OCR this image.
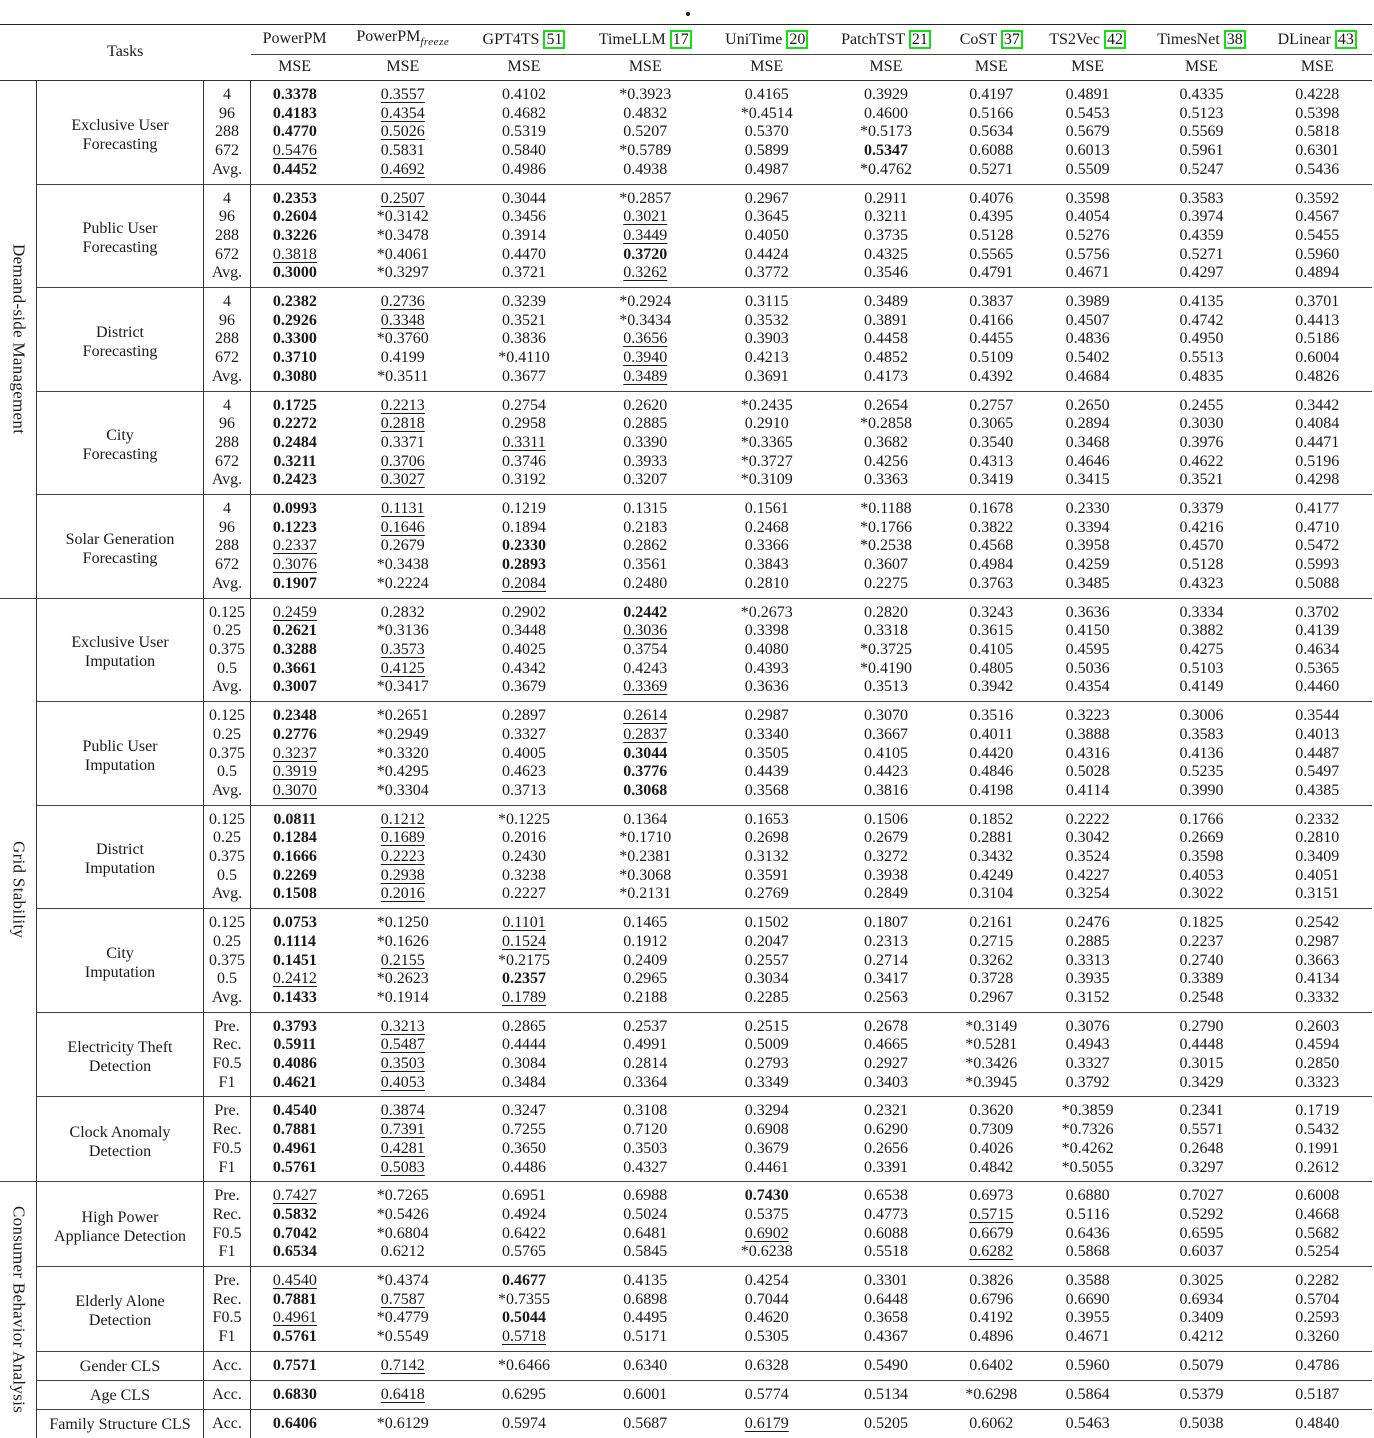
Tasks			PowerPM	PowerPM$_{freeze}$	GPT4TS 51	TimeLLM 17	UniTime 20	PatchTST 21	CoST 37	TS2Vec 42	TimesNet 38	DLinear 43
			MSE	MSE	MSE	MSE	MSE	MSE	MSE	MSE	MSE	MSE
Demand-side Management	Exclusive User
Forecasting	4	0.3378	0.3557	0.4102	*0.3923	0.4165	0.3929	0.4197	0.4891	0.4335	0.4228
		96	0.4183	0.4354	0.4682	0.4832	*0.4514	0.4600	0.5166	0.5453	0.5123	0.5398
		288	0.4770	0.5026	0.5319	0.5207	0.5370	*0.5173	0.5634	0.5679	0.5569	0.5818
		672	0.5476	0.5831	0.5840	*0.5789	0.5899	0.5347	0.6088	0.6013	0.5961	0.6301
		Avg.	0.4452	0.4692	0.4986	0.4938	0.4987	*0.4762	0.5271	0.5509	0.5247	0.5436

	Public User
Forecasting	4	0.2353	0.2507	0.3044	*0.2857	0.2967	0.2911	0.4076	0.3598	0.3583	0.3592
		96	0.2604	*0.3142	0.3456	0.3021	0.3645	0.3211	0.4395	0.4054	0.3974	0.4567
		288	0.3226	*0.3478	0.3914	0.3449	0.4050	0.3735	0.5128	0.5276	0.4359	0.5455
		672	0.3818	*0.4061	0.4470	0.3720	0.4424	0.4325	0.5565	0.5756	0.5271	0.5960
		Avg.	0.3000	*0.3297	0.3721	0.3262	0.3772	0.3546	0.4791	0.4671	0.4297	0.4894

	District
Forecasting	4	0.2382	0.2736	0.3239	*0.2924	0.3115	0.3489	0.3837	0.3989	0.4135	0.3701
		96	0.2926	0.3348	0.3521	*0.3434	0.3532	0.3891	0.4166	0.4507	0.4742	0.4413
		288	0.3300	*0.3760	0.3836	0.3656	0.3903	0.4458	0.4455	0.4836	0.4950	0.5186
		672	0.3710	0.4199	*0.4110	0.3940	0.4213	0.4852	0.5109	0.5402	0.5513	0.6004
		Avg.	0.3080	*0.3511	0.3677	0.3489	0.3691	0.4173	0.4392	0.4684	0.4835	0.4826

	City
Forecasting	4	0.1725	0.2213	0.2754	0.2620	*0.2435	0.2654	0.2757	0.2650	0.2455	0.3442
		96	0.2272	0.2818	0.2958	0.2885	0.2910	*0.2858	0.3065	0.2894	0.3030	0.4084
		288	0.2484	0.3371	0.3311	0.3390	*0.3365	0.3682	0.3540	0.3468	0.3976	0.4471
		672	0.3211	0.3706	0.3746	0.3933	*0.3727	0.4256	0.4313	0.4646	0.4622	0.5196
		Avg.	0.2423	0.3027	0.3192	0.3207	*0.3109	0.3363	0.3419	0.3415	0.3521	0.4298

	Solar Generation
Forecasting	4	0.0993	0.1131	0.1219	0.1315	0.1561	*0.1188	0.1678	0.2330	0.3379	0.4177
		96	0.1223	0.1646	0.1894	0.2183	0.2468	*0.1766	0.3822	0.3394	0.4216	0.4710
		288	0.2337	0.2679	0.2330	0.2862	0.3366	*0.2538	0.4568	0.3958	0.4570	0.5472
		672	0.3076	*0.3438	0.2893	0.3561	0.3843	0.3607	0.4984	0.4259	0.5128	0.5993
		Avg.	0.1907	*0.2224	0.2084	0.2480	0.2810	0.2275	0.3763	0.3485	0.4323	0.5088
Grid Stability	Exclusive User
Imputation	0.125	0.2459	0.2832	0.2902	0.2442	*0.2673	0.2820	0.3243	0.3636	0.3334	0.3702
		0.25	0.2621	*0.3136	0.3448	0.3036	0.3398	0.3318	0.3615	0.4150	0.3882	0.4139
		0.375	0.3288	0.3573	0.4025	0.3754	0.4080	*0.3725	0.4105	0.4595	0.4275	0.4634
		0.5	0.3661	0.4125	0.4342	0.4243	0.4393	*0.4190	0.4805	0.5036	0.5103	0.5365
		Avg.	0.3007	*0.3417	0.3679	0.3369	0.3636	0.3513	0.3942	0.4354	0.4149	0.4460

	Public User
Imputation	0.125	0.2348	*0.2651	0.2897	0.2614	0.2987	0.3070	0.3516	0.3223	0.3006	0.3544
		0.25	0.2776	*0.2949	0.3327	0.2837	0.3340	0.3667	0.4011	0.3888	0.3583	0.4013
		0.375	0.3237	*0.3320	0.4005	0.3044	0.3505	0.4105	0.4420	0.4316	0.4136	0.4487
		0.5	0.3919	*0.4295	0.4623	0.3776	0.4439	0.4423	0.4846	0.5028	0.5235	0.5497
		Avg.	0.3070	*0.3304	0.3713	0.3068	0.3568	0.3816	0.4198	0.4114	0.3990	0.4385

	District
Imputation	0.125	0.0811	0.1212	*0.1225	0.1364	0.1653	0.1506	0.1852	0.2222	0.1766	0.2332
		0.25	0.1284	0.1689	0.2016	*0.1710	0.2698	0.2679	0.2881	0.3042	0.2669	0.2810
		0.375	0.1666	0.2223	0.2430	*0.2381	0.3132	0.3272	0.3432	0.3524	0.3598	0.3409
		0.5	0.2269	0.2938	0.3238	*0.3068	0.3591	0.3938	0.4249	0.4227	0.4053	0.4051
		Avg.	0.1508	0.2016	0.2227	*0.2131	0.2769	0.2849	0.3104	0.3254	0.3022	0.3151

	City
Imputation	0.125	0.0753	*0.1250	0.1101	0.1465	0.1502	0.1807	0.2161	0.2476	0.1825	0.2542
		0.25	0.1114	*0.1626	0.1524	0.1912	0.2047	0.2313	0.2715	0.2885	0.2237	0.2987
		0.375	0.1451	0.2155	*0.2175	0.2409	0.2557	0.2714	0.3262	0.3313	0.2740	0.3663
		0.5	0.2412	*0.2623	0.2357	0.2965	0.3034	0.3417	0.3728	0.3935	0.3389	0.4134
		Avg.	0.1433	*0.1914	0.1789	0.2188	0.2285	0.2563	0.2967	0.3152	0.2548	0.3332

	Electricity Theft
Detection	Pre.	0.3793	0.3213	0.2865	0.2537	0.2515	0.2678	*0.3149	0.3076	0.2790	0.2603
		Rec.	0.5911	0.5487	0.4444	0.4991	0.5009	0.4665	*0.5281	0.4943	0.4448	0.4594
		F0.5	0.4086	0.3503	0.3084	0.2814	0.2793	0.2927	*0.3426	0.3327	0.3015	0.2850
		F1	0.4621	0.4053	0.3484	0.3364	0.3349	0.3403	*0.3945	0.3792	0.3429	0.3323

	Clock Anomaly
Detection	Pre.	0.4540	0.3874	0.3247	0.3108	0.3294	0.2321	0.3620	*0.3859	0.2341	0.1719
		Rec.	0.7881	0.7391	0.7255	0.7120	0.6908	0.6290	0.7309	*0.7326	0.5571	0.5432
		F0.5	0.4961	0.4281	0.3650	0.3503	0.3679	0.2656	0.4026	*0.4262	0.2648	0.1991
		F1	0.5761	0.5083	0.4486	0.4327	0.4461	0.3391	0.4842	*0.5055	0.3297	0.2612
Consumer Behavior Analysis	High Power
Appliance Detection	Pre.	0.7427	*0.7265	0.6951	0.6988	0.7430	0.6538	0.6973	0.6880	0.7027	0.6008
		Rec.	0.5832	*0.5426	0.4924	0.5024	0.5375	0.4773	0.5715	0.5116	0.5292	0.4668
		F0.5	0.7042	*0.6804	0.6422	0.6481	0.6902	0.6088	0.6679	0.6436	0.6595	0.5682
		F1	0.6534	0.6212	0.5765	0.5845	*0.6238	0.5518	0.6282	0.5868	0.6037	0.5254

	Elderly Alone
Detection	Pre.	0.4540	*0.4374	0.4677	0.4135	0.4254	0.3301	0.3826	0.3588	0.3025	0.2282
		Rec.	0.7881	0.7587	*0.7355	0.6898	0.7044	0.6448	0.6796	0.6690	0.6934	0.5704
		F0.5	0.4961	*0.4779	0.5044	0.4495	0.4620	0.3658	0.4192	0.3955	0.3409	0.2593
		F1	0.5761	*0.5549	0.5718	0.5171	0.5305	0.4367	0.4896	0.4671	0.4212	0.3260

	Gender CLS	Acc.	0.7571	0.7142	*0.6466	0.6340	0.6328	0.5490	0.6402	0.5960	0.5079	0.4786

	Age CLS	Acc.	0.6830	0.6418	0.6295	0.6001	0.5774	0.5134	*0.6298	0.5864	0.5379	0.5187

	Family Structure CLS	Acc.	0.6406	*0.6129	0.5974	0.5687	0.6179	0.5205	0.6062	0.5463	0.5038	0.4840
